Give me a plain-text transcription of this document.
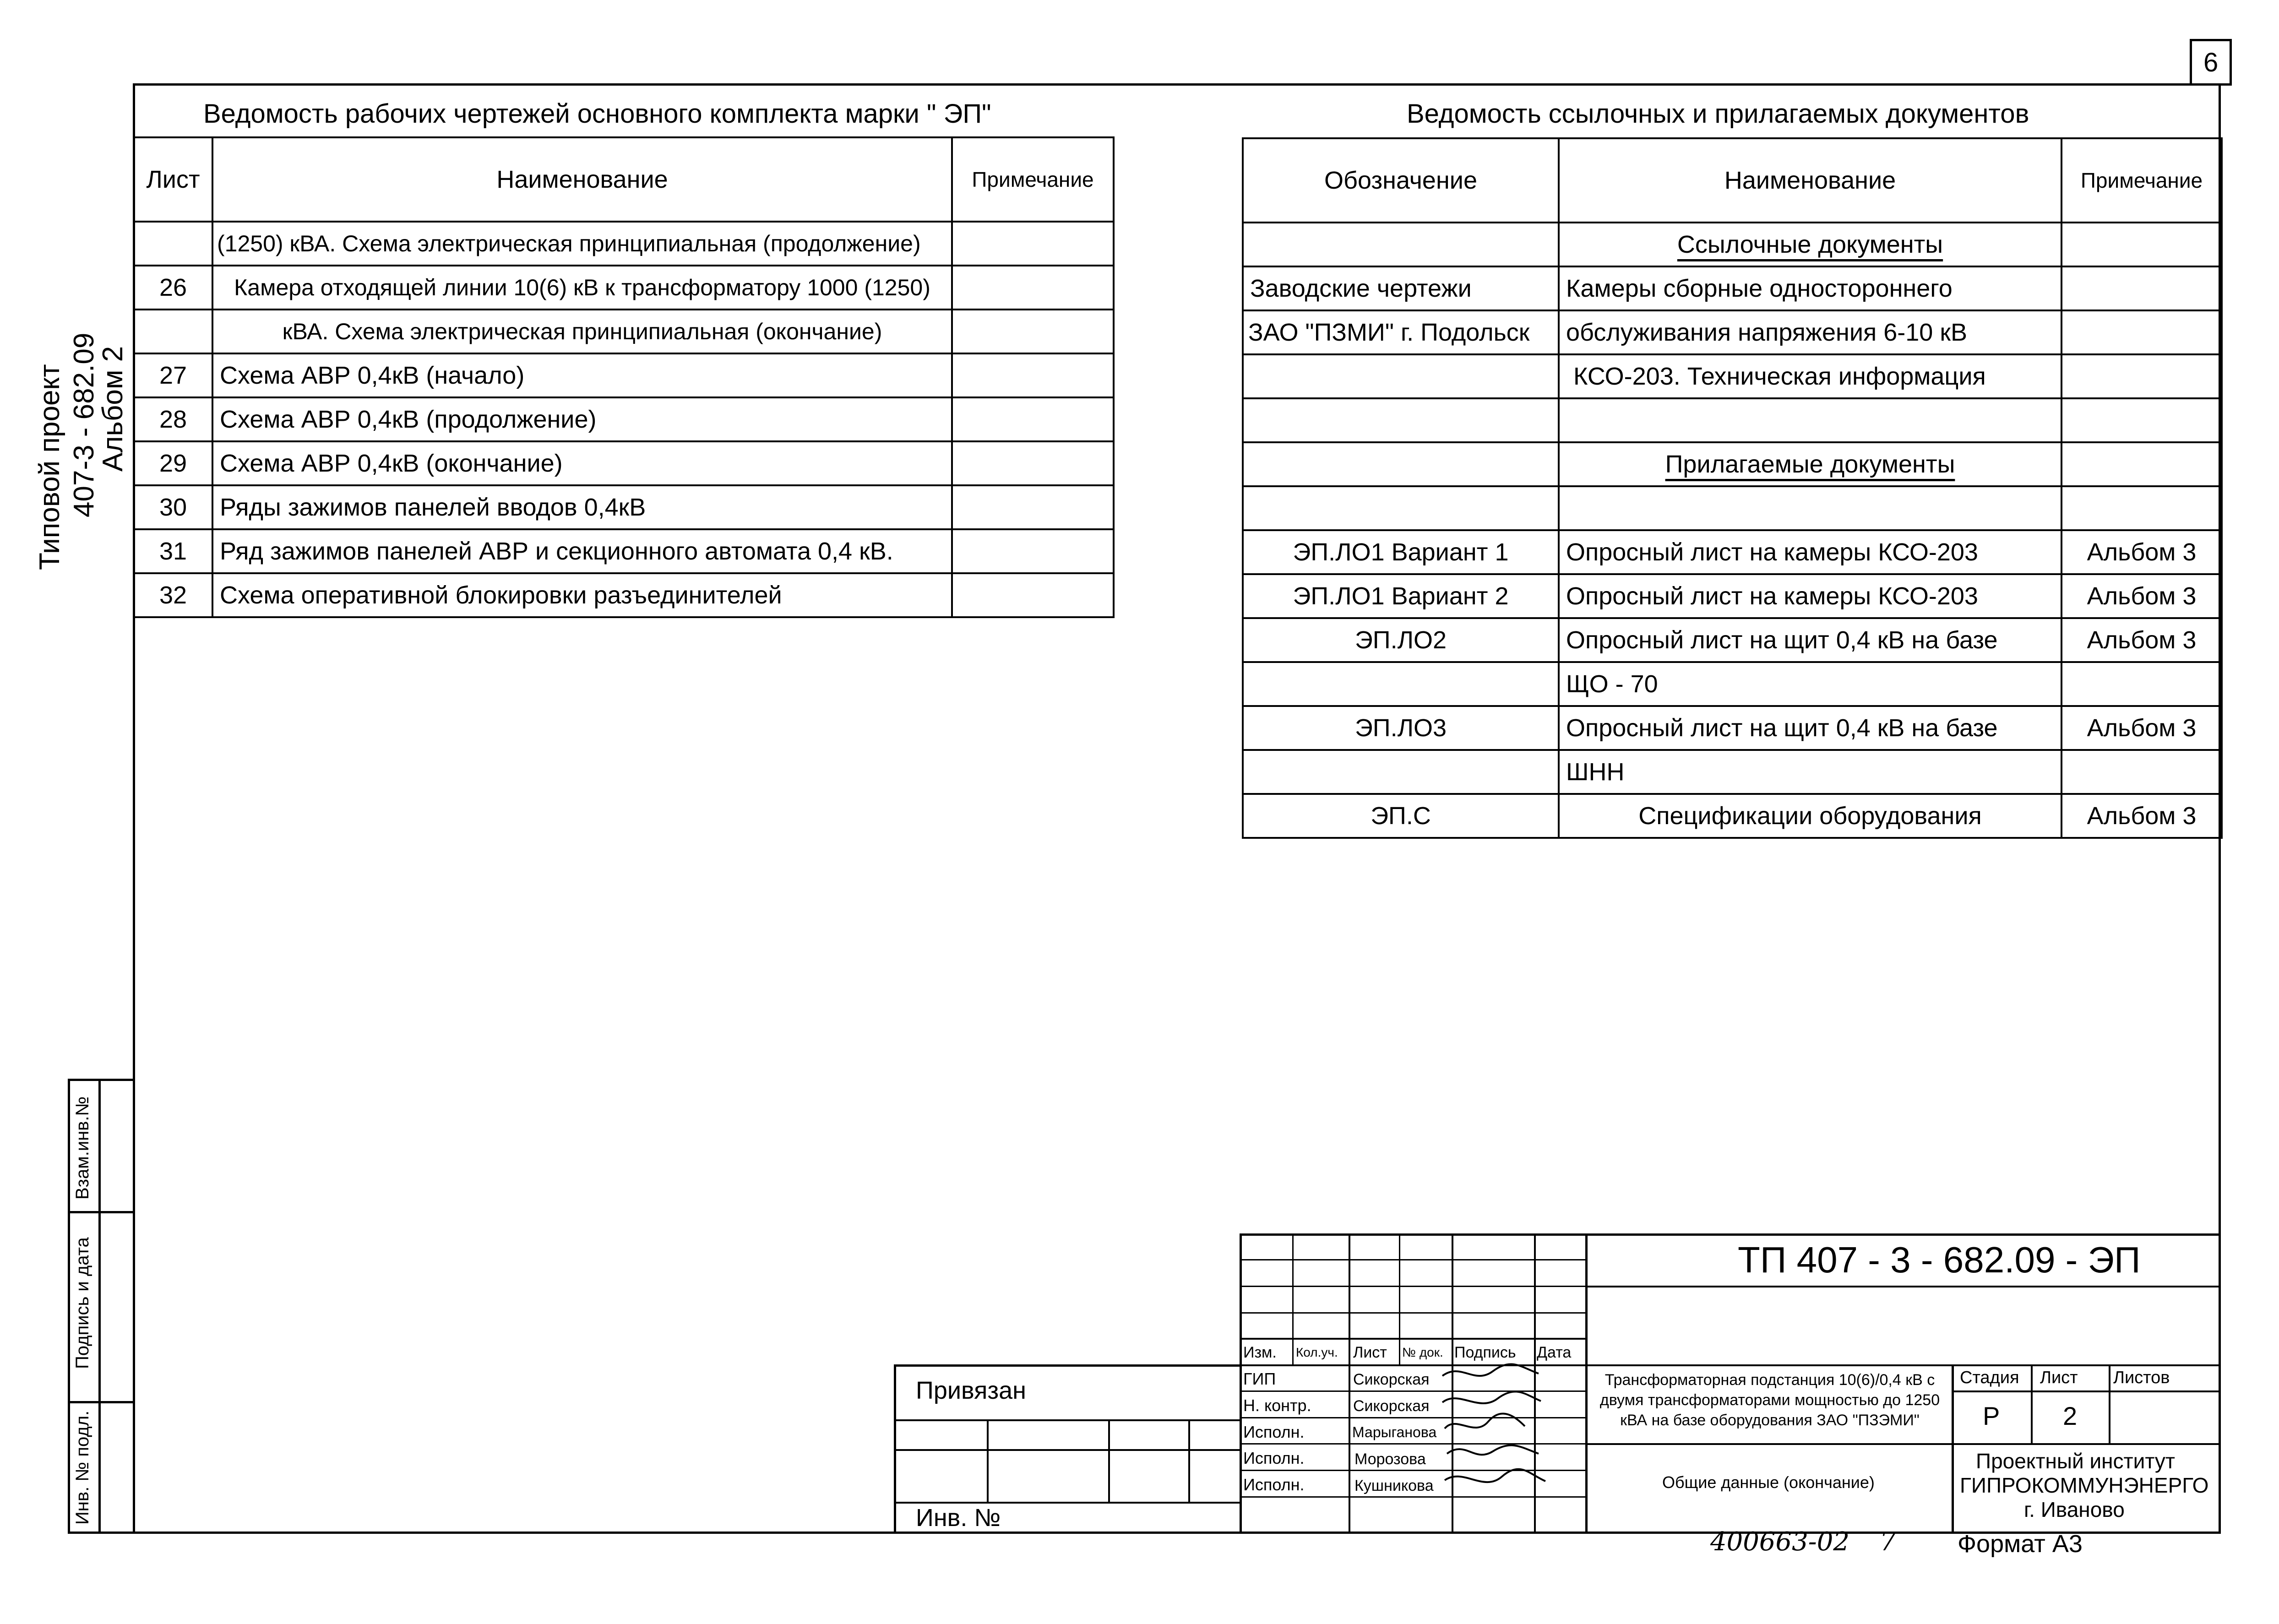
6
Типовой проект 407-3 - 682.09
Альбом 2
Ведомость рабочих чертежей основного комплекта марки " ЭП"
Лист	Наименование	Примечание
	(1250) кВА. Схема электрическая принципиальная (продолжение)	
26	Камера отходящей линии 10(6) кВ к трансформатору 1000 (1250)	
	кВА. Схема электрическая принципиальная (окончание)	
27	Схема АВР 0,4кВ (начало)	
28	Схема АВР 0,4кВ (продолжение)	
29	Схема АВР 0,4кВ (окончание)	
30	Ряды зажимов панелей вводов 0,4кВ	
31	Ряд зажимов панелей АВР и секционного автомата 0,4 кВ.	
32	Схема оперативной блокировки разъединителей	
Ведомость ссылочных и прилагаемых документов
Обозначение	Наименование	Примечание
	Ссылочные документы	
Заводские чертежи	Камеры сборные одностороннего	
ЗАО "ПЗМИ" г. Подольск	обслуживания напряжения 6-10 кВ	
	КСО-203. Техническая информация	

	Прилагаемые документы	

ЭП.ЛО1 Вариант 1	Опросный лист на камеры КСО-203	Альбом 3
ЭП.ЛО1 Вариант 2	Опросный лист на камеры КСО-203	Альбом 3
ЭП.ЛО2	Опросный лист на щит 0,4 кВ на базе	Альбом 3
	ЩО - 70	
ЭП.ЛО3	Опросный лист на щит 0,4 кВ на базе	Альбом 3
	ШНН	
ЭП.С	Спецификации оборудования	Альбом 3
Взам.инв.№
Подпись и дата
Инв. № подл.
Привязан
Инв. №
Изм. Кол.уч. Лист № док. Подпись Дата
ГИП	Сикорская
Н. контр.	Сикорская
Исполн.	Марыганова
Исполн.	Морозова
Исполн.	Кушникова
ТП 407 - 3 - 682.09 - ЭП
Трансформаторная подстанция 10(6)/0,4 кВ с двумя трансформаторами мощностью до 1250 кВА на базе оборудования ЗАО "ПЗЭМИ"
Общие данные (окончание)
Стадия Лист Листов
Р 2
Проектный институт
ГИПРОКОММУНЭНЕРГО
г. Иваново
400663-02 7 Формат А3
